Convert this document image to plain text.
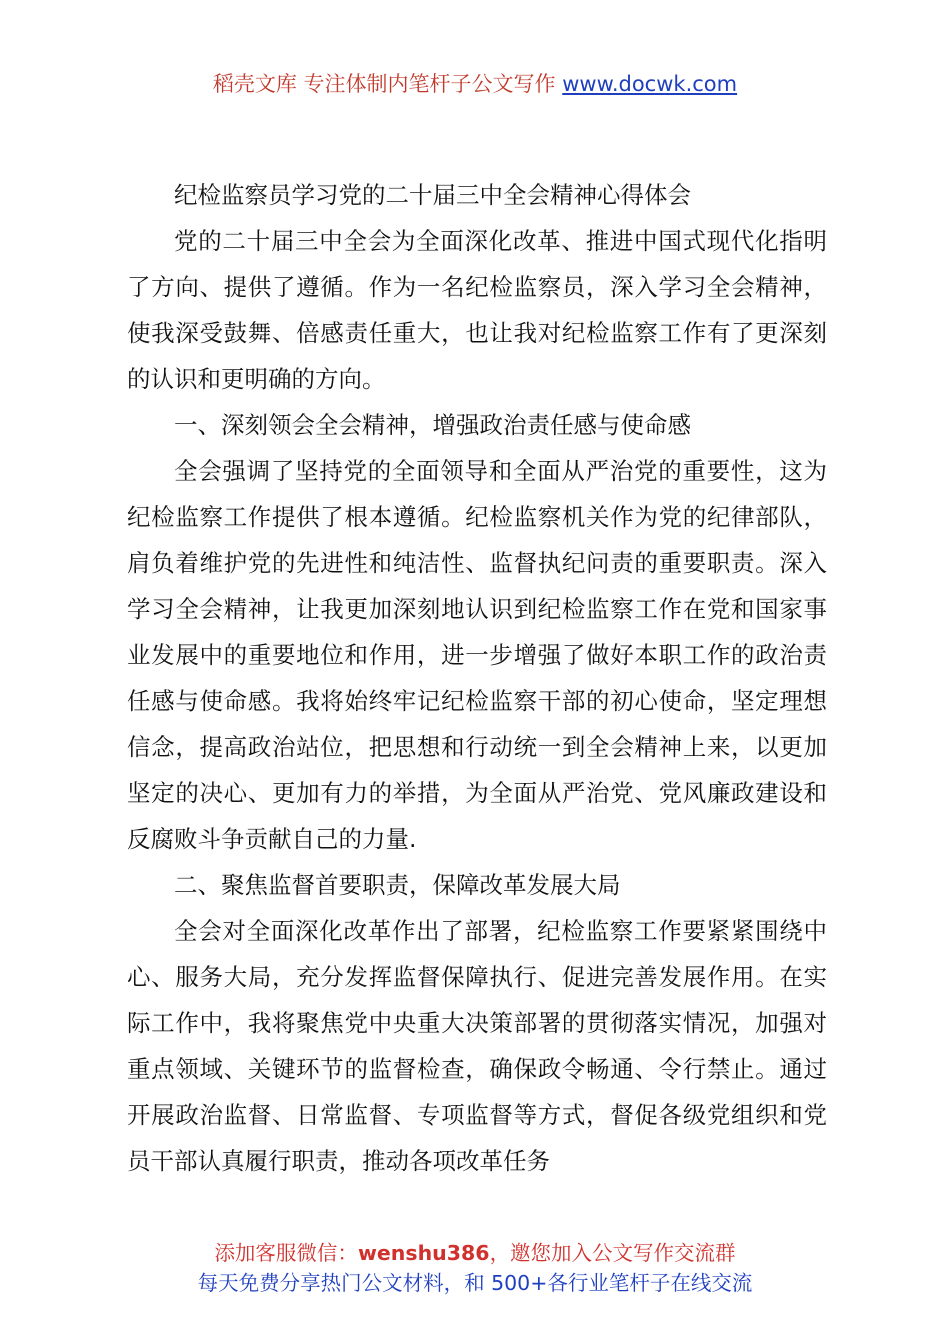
稻壳文库 专注体制内笔杆子公文写作 www.docwk.com

纪检监察员学习党的二十届三中全会精神心得体会

党的二十届三中全会为全面深化改革、推进中国式现代化指明了方向、提供了遵循。作为一名纪检监察员，深入学习全会精神，使我深受鼓舞、倍感责任重大，也让我对纪检监察工作有了更深刻的认识和更明确的方向。

一、深刻领会全会精神，增强政治责任感与使命感

全会强调了坚持党的全面领导和全面从严治党的重要性，这为纪检监察工作提供了根本遵循。纪检监察机关作为党的纪律部队，肩负着维护党的先进性和纯洁性、监督执纪问责的重要职责。深入学习全会精神，让我更加深刻地认识到纪检监察工作在党和国家事业发展中的重要地位和作用，进一步增强了做好本职工作的政治责任感与使命感。我将始终牢记纪检监察干部的初心使命，坚定理想信念，提高政治站位，把思想和行动统一到全会精神上来，以更加坚定的决心、更加有力的举措，为全面从严治党、党风廉政建设和反腐败斗争贡献自己的力量.

二、聚焦监督首要职责，保障改革发展大局

全会对全面深化改革作出了部署，纪检监察工作要紧紧围绕中心、服务大局，充分发挥监督保障执行、促进完善发展作用。在实际工作中，我将聚焦党中央重大决策部署的贯彻落实情况，加强对重点领域、关键环节的监督检查，确保政令畅通、令行禁止。通过开展政治监督、日常监督、专项监督等方式，督促各级党组织和党员干部认真履行职责，推动各项改革任务

添加客服微信：wenshu386，邀您加入公文写作交流群
每天免费分享热门公文材料，和 500+各行业笔杆子在线交流
